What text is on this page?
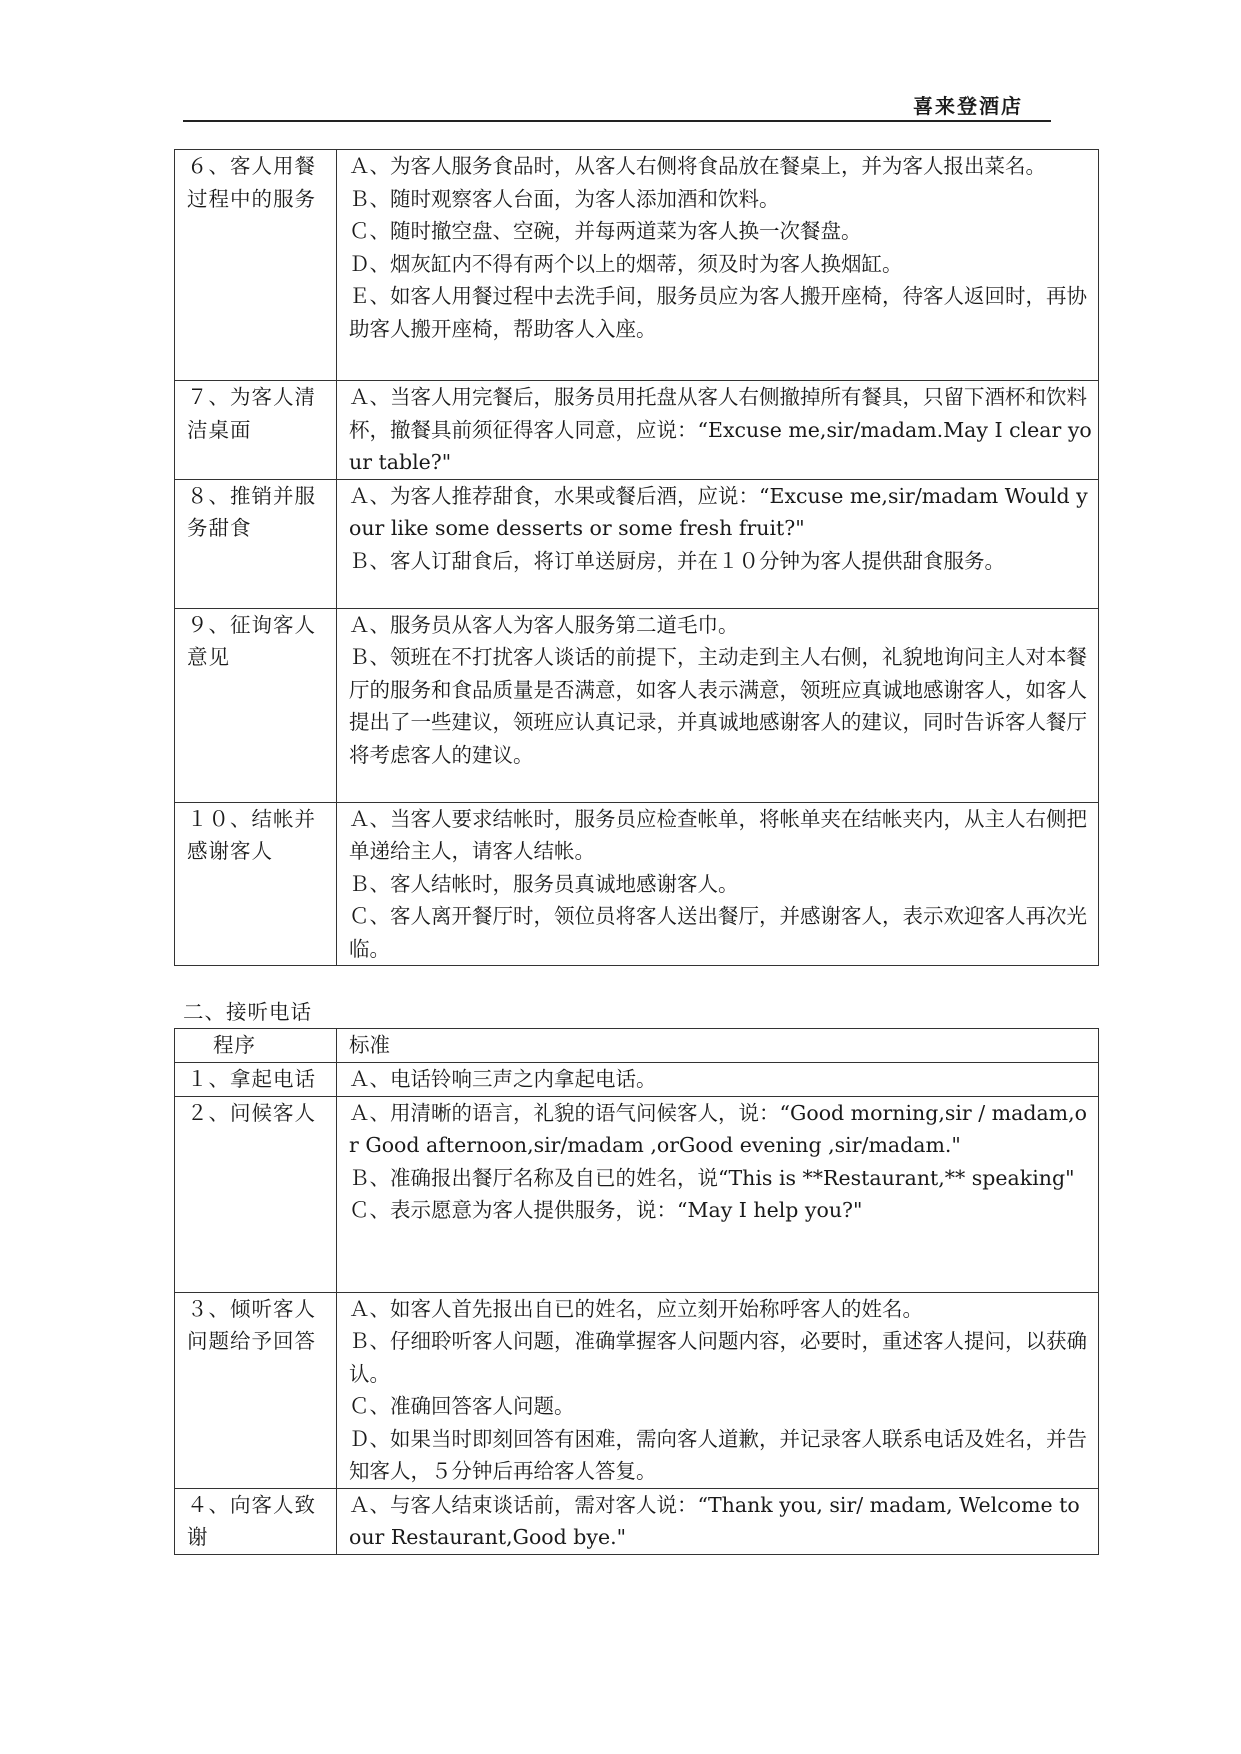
喜来登酒店
６、客人用餐过程中的服务	Ａ、为客人服务食品时，从客人右侧将食品放在餐桌上，并为客人报出菜名。
Ｂ、随时观察客人台面，为客人添加酒和饮料。
Ｃ、随时撤空盘、空碗，并每两道菜为客人换一次餐盘。
Ｄ、烟灰缸内不得有两个以上的烟蒂，须及时为客人换烟缸。
Ｅ、如客人用餐过程中去洗手间，服务员应为客人搬开座椅，待客人返回时，再协助客人搬开座椅，帮助客人入座。

７、为客人清洁桌面	Ａ、当客人用完餐后，服务员用托盘从客人右侧撤掉所有餐具，只留下酒杯和饮料杯，撤餐具前须征得客人同意，应说：“Excuse me,sir/madam.May I clear your table?"

８、推销并服务甜食	Ａ、为客人推荐甜食，水果或餐后酒，应说：“Excuse me,sir/madam Would your like some desserts or some fresh fruit?"
Ｂ、客人订甜食后，将订单送厨房，并在１０分钟为客人提供甜食服务。

９、征询客人意见	Ａ、服务员从客人为客人服务第二道毛巾。
Ｂ、领班在不打扰客人谈话的前提下，主动走到主人右侧，礼貌地询问主人对本餐厅的服务和食品质量是否满意，如客人表示满意，领班应真诚地感谢客人，如客人提出了一些建议，领班应认真记录，并真诚地感谢客人的建议，同时告诉客人餐厅将考虑客人的建议。

１０、结帐并感谢客人	Ａ、当客人要求结帐时，服务员应检查帐单，将帐单夹在结帐夹内，从主人右侧把单递给主人，请客人结帐。
Ｂ、客人结帐时，服务员真诚地感谢客人。
Ｃ、客人离开餐厅时，领位员将客人送出餐厅，并感谢客人，表示欢迎客人再次光临。
二、接听电话
程序	标准
１、拿起电话	Ａ、电话铃响三声之内拿起电话。

２、问候客人	Ａ、用清晰的语言，礼貌的语气问候客人，说：“Good morning,sir / madam,or Good afternoon,sir/madam ,orGood evening ,sir/madam."
Ｂ、准确报出餐厅名称及自已的姓名，说“This is **Restaurant,** speaking"
Ｃ、表示愿意为客人提供服务，说：“May I help you?"

３、倾听客人问题给予回答	Ａ、如客人首先报出自已的姓名，应立刻开始称呼客人的姓名。
Ｂ、仔细聆听客人问题，准确掌握客人问题内容，必要时，重述客人提问，以获确认。
Ｃ、准确回答客人问题。
Ｄ、如果当时即刻回答有困难，需向客人道歉，并记录客人联系电话及姓名，并告知客人，５分钟后再给客人答复。

４、向客人致谢	Ａ、与客人结束谈话前，需对客人说：“Thank you, sir/ madam, Welcome to our Restaurant,Good bye."
